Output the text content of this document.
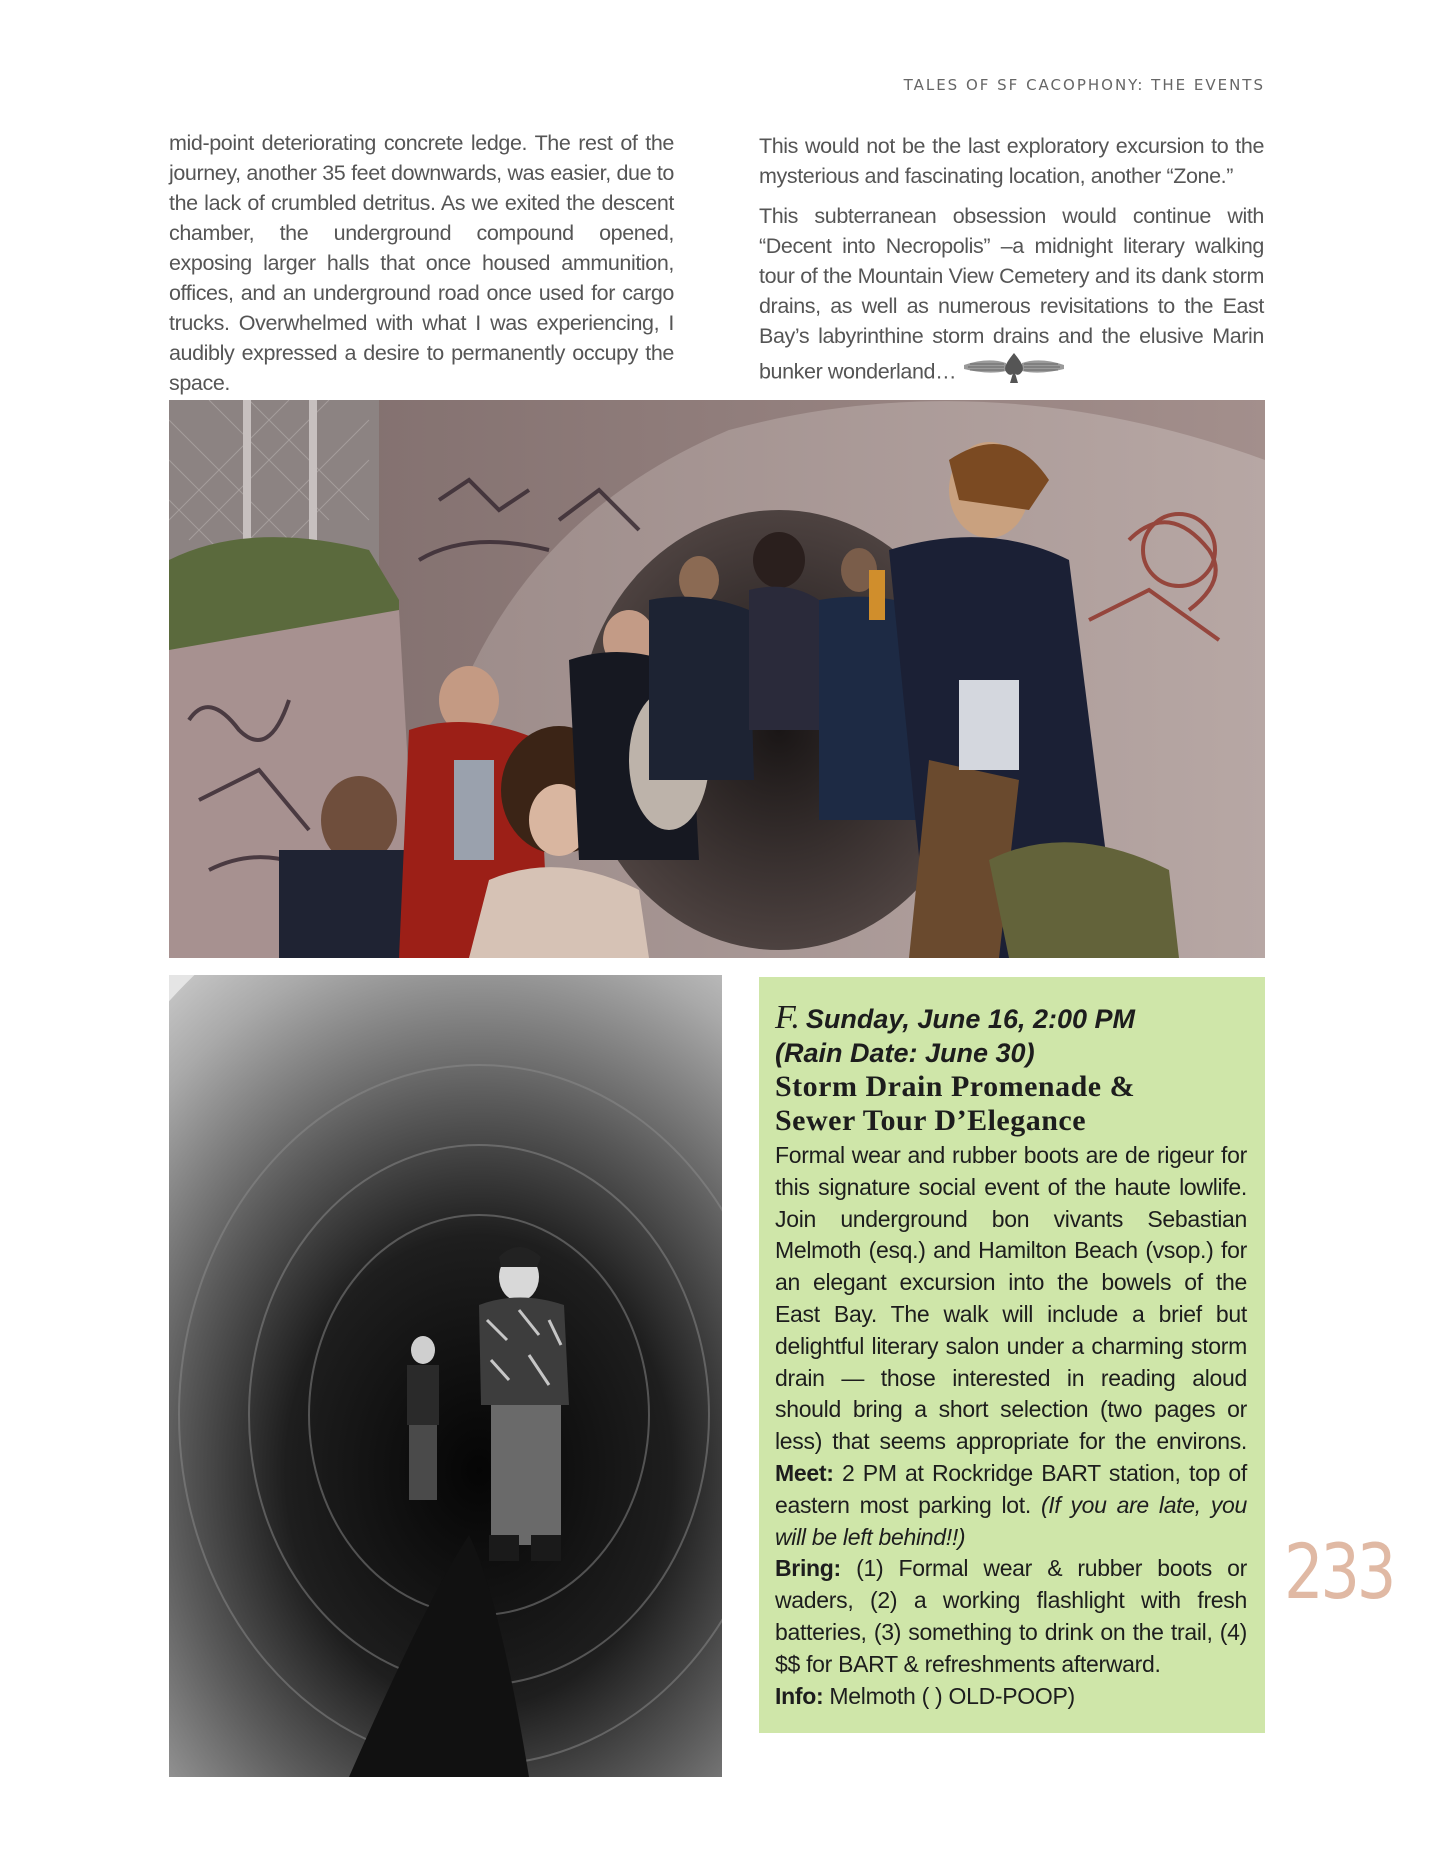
TALES OF SF CACOPHONY: THE EVENTS

mid-point deteriorating concrete ledge. The rest of the journey, another 35 feet downwards, was easier, due to the lack of crumbled detritus. As we exited the descent chamber, the underground compound opened, exposing larger halls that once housed ammunition, offices, and an underground road once used for cargo trucks. Overwhelmed with what I was experiencing, I audibly expressed a desire to permanently occupy the space.

This would not be the last exploratory excursion to the mysterious and fascinating location, another “Zone.”

This subterranean obsession would continue with “Decent into Necropolis” –a midnight literary walking tour of the Mountain View Cemetery and its dank storm drains, as well as numerous revisitations to the East Bay’s labyrinthine storm drains and the elusive Marin bunker wonderland…

F. Sunday, June 16, 2:00 PM
(Rain Date: June 30)
Storm Drain Promenade &
Sewer Tour D’Elegance
Formal wear and rubber boots are de rigeur for this signature social event of the haute lowlife. Join underground bon vivants Sebastian Melmoth (esq.) and Hamilton Beach (vsop.) for an elegant excursion into the bowels of the East Bay. The walk will include a brief but delightful literary salon under a charming storm drain — those interested in reading aloud should bring a short selection (two pages or less) that seems appropriate for the environs. Meet: 2 PM at Rockridge BART station, top of eastern most parking lot. (If you are late, you will be left behind!!)
Bring: (1) Formal wear & rubber boots or waders, (2) a working flashlight with fresh batteries, (3) something to drink on the trail, (4) $$ for BART & refreshments afterward.
Info: Melmoth ( ) OLD-POOP)
233
